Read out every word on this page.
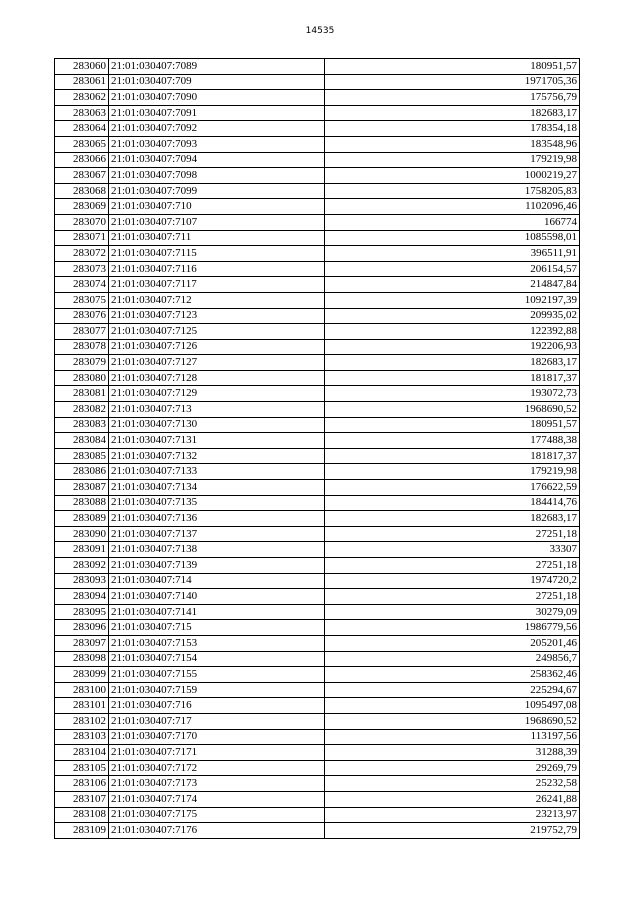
14535
283060	21:01:030407:7089	180951,57
283061	21:01:030407:709	1971705,36
283062	21:01:030407:7090	175756,79
283063	21:01:030407:7091	182683,17
283064	21:01:030407:7092	178354,18
283065	21:01:030407:7093	183548,96
283066	21:01:030407:7094	179219,98
283067	21:01:030407:7098	1000219,27
283068	21:01:030407:7099	1758205,83
283069	21:01:030407:710	1102096,46
283070	21:01:030407:7107	166774
283071	21:01:030407:711	1085598,01
283072	21:01:030407:7115	396511,91
283073	21:01:030407:7116	206154,57
283074	21:01:030407:7117	214847,84
283075	21:01:030407:712	1092197,39
283076	21:01:030407:7123	209935,02
283077	21:01:030407:7125	122392,88
283078	21:01:030407:7126	192206,93
283079	21:01:030407:7127	182683,17
283080	21:01:030407:7128	181817,37
283081	21:01:030407:7129	193072,73
283082	21:01:030407:713	1968690,52
283083	21:01:030407:7130	180951,57
283084	21:01:030407:7131	177488,38
283085	21:01:030407:7132	181817,37
283086	21:01:030407:7133	179219,98
283087	21:01:030407:7134	176622,59
283088	21:01:030407:7135	184414,76
283089	21:01:030407:7136	182683,17
283090	21:01:030407:7137	27251,18
283091	21:01:030407:7138	33307
283092	21:01:030407:7139	27251,18
283093	21:01:030407:714	1974720,2
283094	21:01:030407:7140	27251,18
283095	21:01:030407:7141	30279,09
283096	21:01:030407:715	1986779,56
283097	21:01:030407:7153	205201,46
283098	21:01:030407:7154	249856,7
283099	21:01:030407:7155	258362,46
283100	21:01:030407:7159	225294,67
283101	21:01:030407:716	1095497,08
283102	21:01:030407:717	1968690,52
283103	21:01:030407:7170	113197,56
283104	21:01:030407:7171	31288,39
283105	21:01:030407:7172	29269,79
283106	21:01:030407:7173	25232,58
283107	21:01:030407:7174	26241,88
283108	21:01:030407:7175	23213,97
283109	21:01:030407:7176	219752,79
